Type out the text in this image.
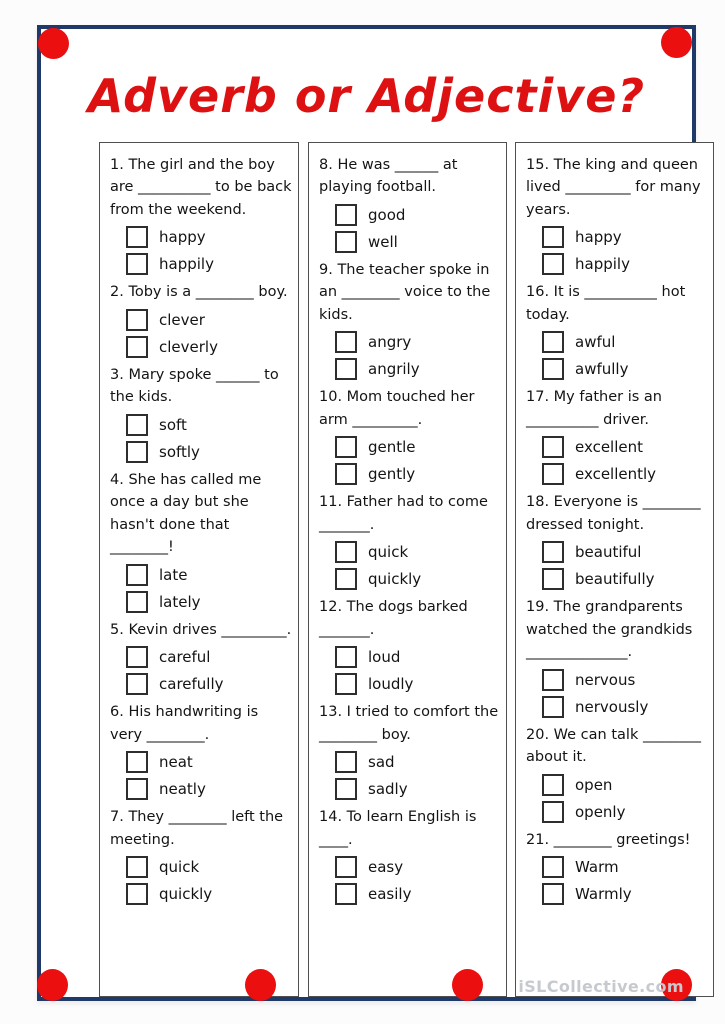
Adverb or Adjective?
1. The girl and the boy are __________ to be back from the weekend.
happy
happily
2. Toby is a ________ boy.
clever
cleverly
3. Mary spoke ______ to the kids.
soft
softly
4. She has called me once a day but she hasn't done that ________!
late
lately
5. Kevin drives _________.
careful
carefully
6. His handwriting is very ________.
neat
neatly
7. They ________ left the meeting.
quick
quickly
8. He was ______ at playing football.
good
well
9. The teacher spoke in an ________ voice to the kids.
angry
angrily
10. Mom touched her arm _________.
gentle
gently
11. Father had to come _______.
quick
quickly
12. The dogs barked _______.
loud
loudly
13. I tried to comfort the ________ boy.
sad
sadly
14. To learn English is ____.
easy
easily
15. The king and queen lived _________ for many years.
happy
happily
16. It is __________ hot today.
awful
awfully
17. My father is an __________ driver.
excellent
excellently
18. Everyone is ________ dressed tonight.
beautiful
beautifully
19. The grandparents watched the grandkids ______________.
nervous
nervously
20. We can talk ________ about it.
open
openly
21. ________ greetings!
Warm
Warmly
iSLCollective.com
